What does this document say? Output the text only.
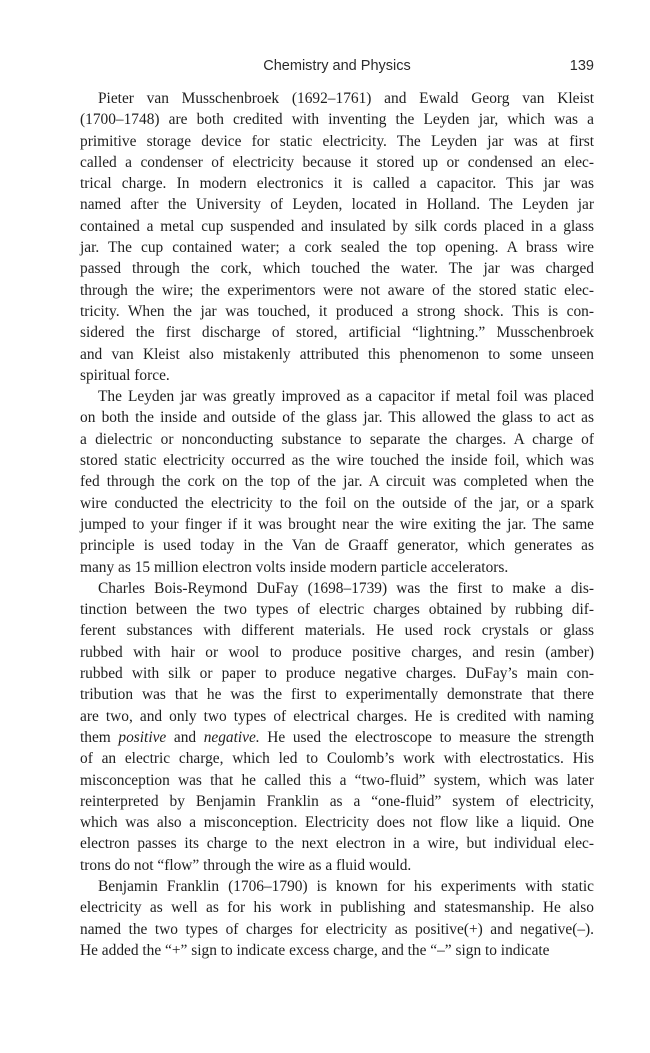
Chemistry and Physics	139

Pieter van Musschenbroek (1692–1761) and Ewald Georg van Kleist
(1700–1748) are both credited with inventing the Leyden jar, which was a
primitive storage device for static electricity. The Leyden jar was at first
called a condenser of electricity because it stored up or condensed an elec-
trical charge. In modern electronics it is called a capacitor. This jar was
named after the University of Leyden, located in Holland. The Leyden jar
contained a metal cup suspended and insulated by silk cords placed in a glass
jar. The cup contained water; a cork sealed the top opening. A brass wire
passed through the cork, which touched the water. The jar was charged
through the wire; the experimentors were not aware of the stored static elec-
tricity. When the jar was touched, it produced a strong shock. This is con-
sidered the first discharge of stored, artificial “lightning.” Musschenbroek
and van Kleist also mistakenly attributed this phenomenon to some unseen
spiritual force.

The Leyden jar was greatly improved as a capacitor if metal foil was placed
on both the inside and outside of the glass jar. This allowed the glass to act as
a dielectric or nonconducting substance to separate the charges. A charge of
stored static electricity occurred as the wire touched the inside foil, which was
fed through the cork on the top of the jar. A circuit was completed when the
wire conducted the electricity to the foil on the outside of the jar, or a spark
jumped to your finger if it was brought near the wire exiting the jar. The same
principle is used today in the Van de Graaff generator, which generates as
many as 15 million electron volts inside modern particle accelerators.

Charles Bois-Reymond DuFay (1698–1739) was the first to make a dis-
tinction between the two types of electric charges obtained by rubbing dif-
ferent substances with different materials. He used rock crystals or glass
rubbed with hair or wool to produce positive charges, and resin (amber)
rubbed with silk or paper to produce negative charges. DuFay’s main con-
tribution was that he was the first to experimentally demonstrate that there
are two, and only two types of electrical charges. He is credited with naming
them positive and negative. He used the electroscope to measure the strength
of an electric charge, which led to Coulomb’s work with electrostatics. His
misconception was that he called this a “two-fluid” system, which was later
reinterpreted by Benjamin Franklin as a “one-fluid” system of electricity,
which was also a misconception. Electricity does not flow like a liquid. One
electron passes its charge to the next electron in a wire, but individual elec-
trons do not “flow” through the wire as a fluid would.

Benjamin Franklin (1706–1790) is known for his experiments with static
electricity as well as for his work in publishing and statesmanship. He also
named the two types of charges for electricity as positive(+) and negative(–).
He added the “+” sign to indicate excess charge, and the “–” sign to indicate
